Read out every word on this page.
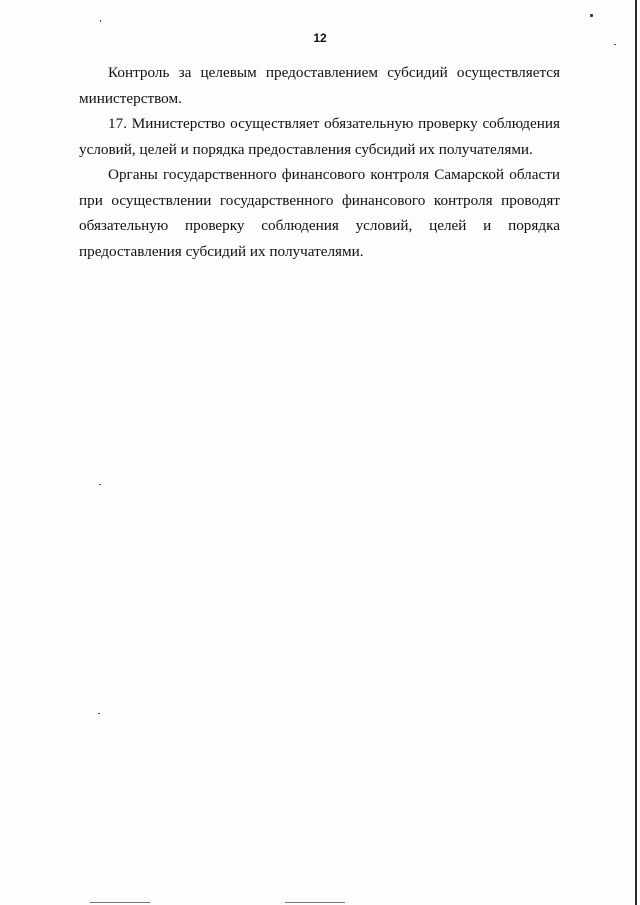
12

Контроль за целевым предоставлением субсидий осуществляется министерством.

17. Министерство осуществляет обязательную проверку соблюдения условий, целей и порядка предоставления субсидий их получателями.

Органы государственного финансового контроля Самарской области при осуществлении государственного финансового контроля проводят обязательную проверку соблюдения условий, целей и порядка предоставления субсидий их получателями.
